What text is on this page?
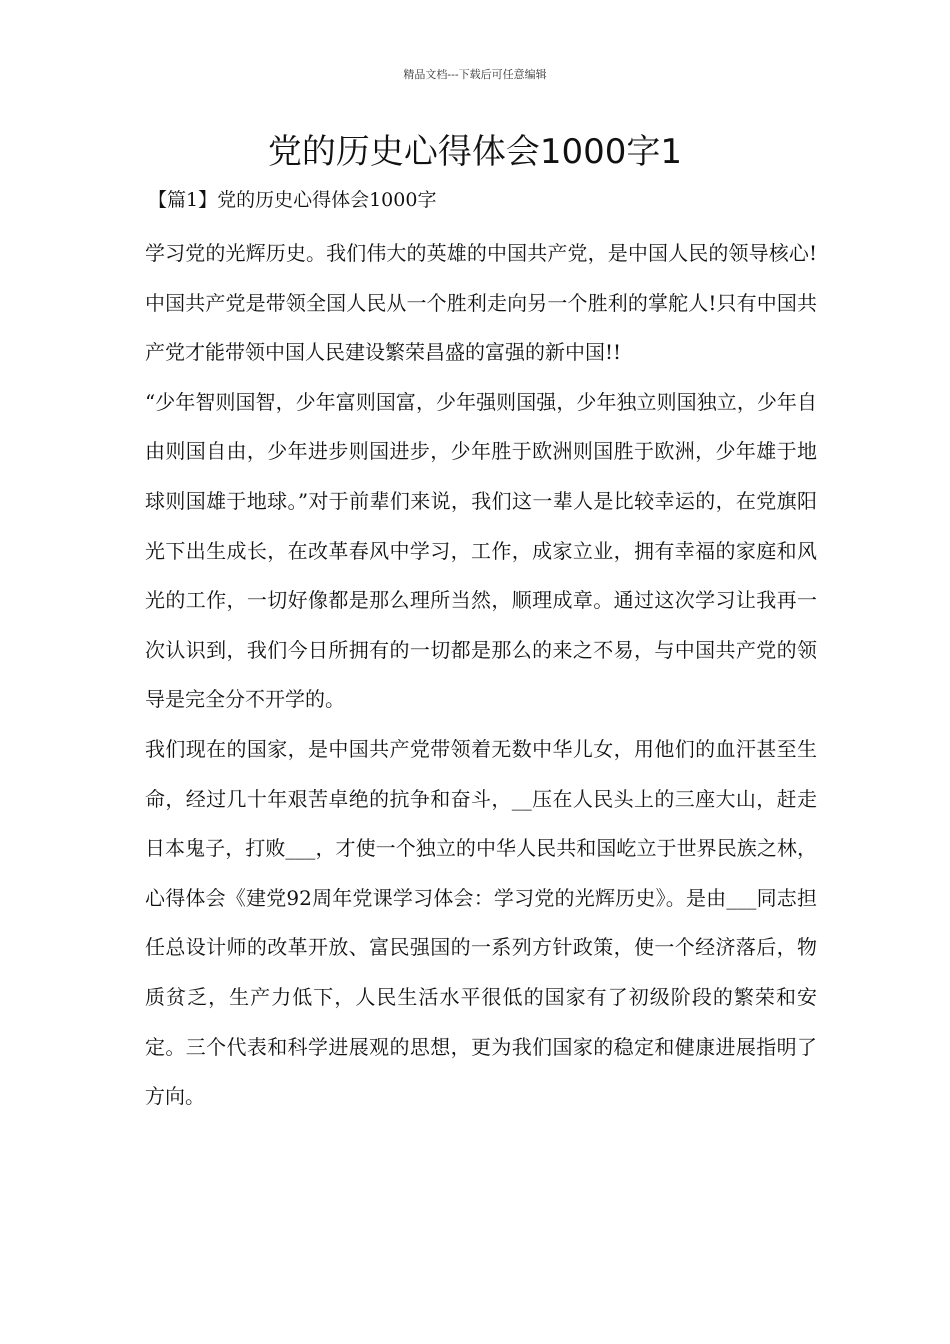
精品文档---下载后可任意编辑
党的历史心得体会1000字1
【篇1】党的历史心得体会1000字

学习党的光辉历史。我们伟大的英雄的中国共产党，是中国人民的领导核心!中国共产党是带领全国人民从一个胜利走向另一个胜利的掌舵人!只有中国共产党才能带领中国人民建设繁荣昌盛的富强的新中国!!

“少年智则国智，少年富则国富，少年强则国强，少年独立则国独立，少年自由则国自由，少年进步则国进步，少年胜于欧洲则国胜于欧洲，少年雄于地球则国雄于地球。”对于前辈们来说，我们这一辈人是比较幸运的，在党旗阳光下出生成长，在改革春风中学习，工作，成家立业，拥有幸福的家庭和风光的工作，一切好像都是那么理所当然，顺理成章。通过这次学习让我再一次认识到，我们今日所拥有的一切都是那么的来之不易，与中国共产党的领导是完全分不开学的。

我们现在的国家，是中国共产党带领着无数中华儿女，用他们的血汗甚至生命，经过几十年艰苦卓绝的抗争和奋斗，__压在人民头上的三座大山，赶走日本鬼子，打败___，才使一个独立的中华人民共和国屹立于世界民族之林，心得体会《建党92周年党课学习体会：学习党的光辉历史》。是由___同志担任总设计师的改革开放、富民强国的一系列方针政策，使一个经济落后，物质贫乏，生产力低下，人民生活水平很低的国家有了初级阶段的繁荣和安定。三个代表和科学进展观的思想，更为我们国家的稳定和健康进展指明了方向。
